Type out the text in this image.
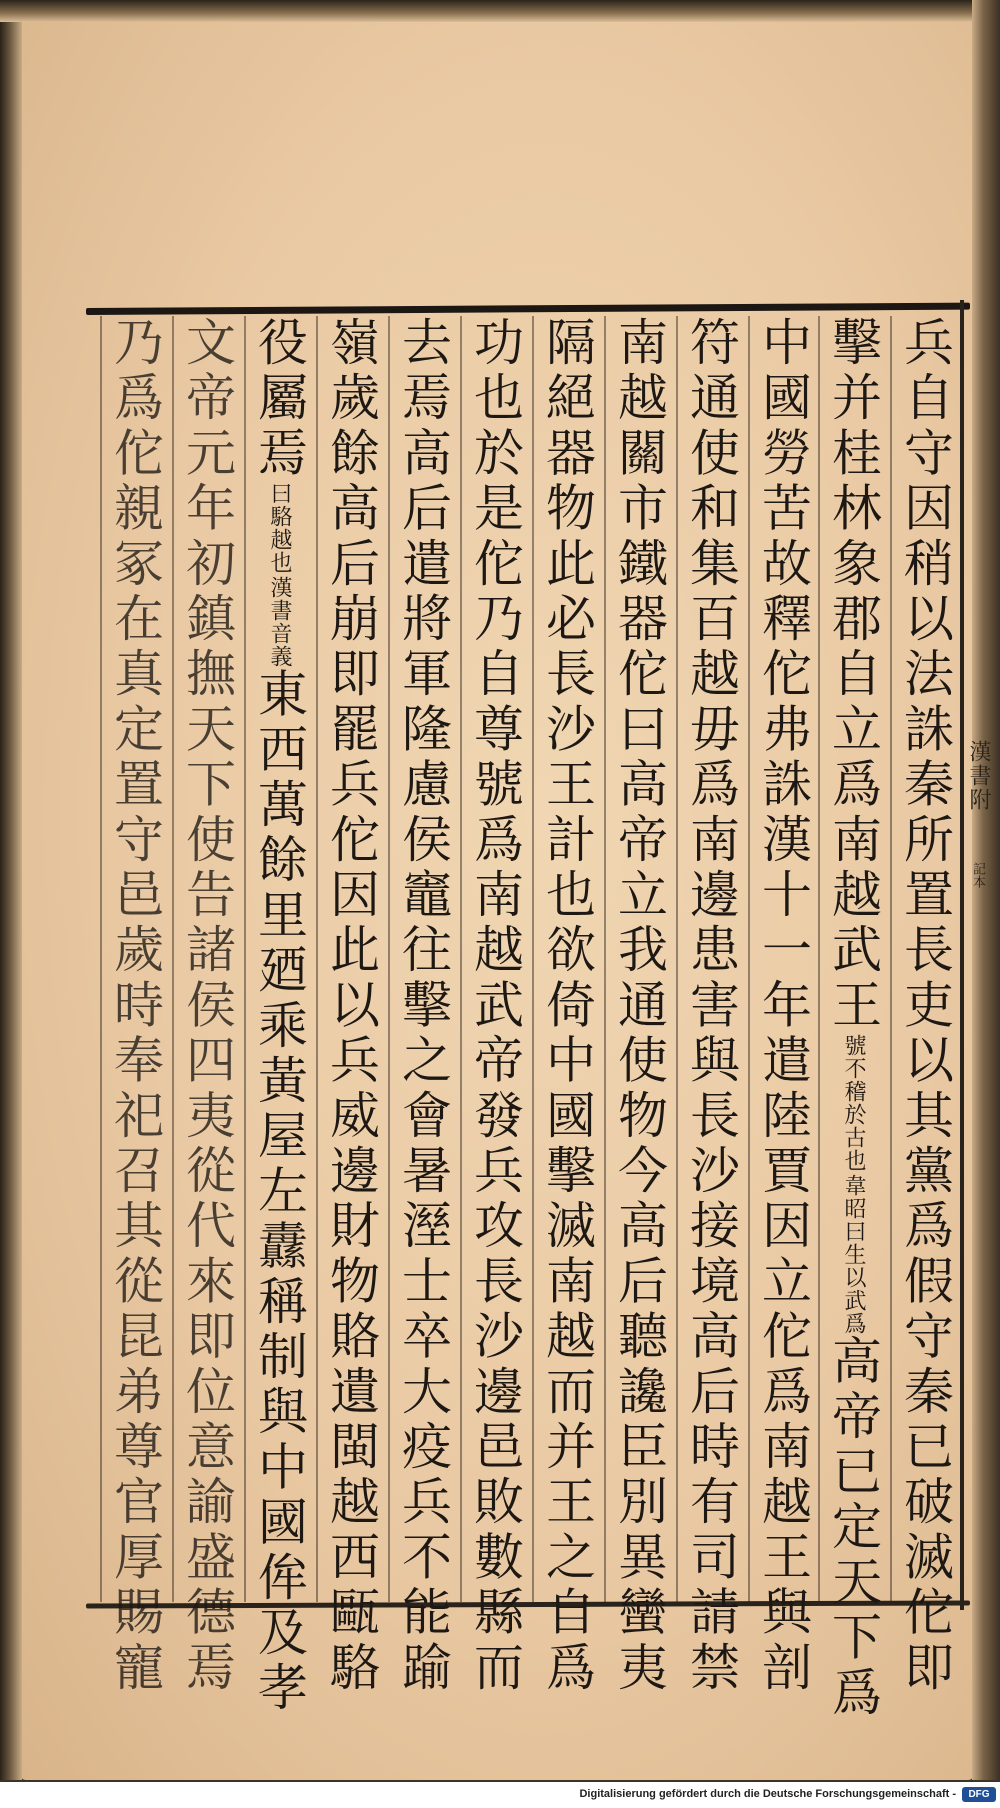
漢書附
記本
兵自守因稍以法誅秦所置長吏以其黨爲假守秦已破滅佗即
擊并桂林象郡自立爲南越武王
韋昭曰生以武爲
號不稽於古也
高帝已定天下爲
中國勞苦故釋佗弗誅漢十一年遣陸賈因立佗爲南越王與剖
符通使和集百越毋爲南邊患害與長沙接境高后時有司請禁
南越關市鐵器佗曰高帝立我通使物今高后聽讒臣別異蠻夷
隔絕器物此必長沙王計也欲倚中國擊滅南越而并王之自爲
功也於是佗乃自尊號爲南越武帝發兵攻長沙邊邑敗數縣而
去焉高后遣將軍隆慮侯竈往擊之會暑溼士卒大疫兵不能踰
嶺歲餘高后崩即罷兵佗因此以兵威邊財物賂遺閩越西甌駱
役屬焉
漢書音義
曰駱越也
東西萬餘里廼乘黃屋左纛稱制與中國侔及孝
文帝元年初鎮撫天下使告諸侯四夷從代來即位意諭盛德焉
乃爲佗親冢在真定置守邑歲時奉祀召其從昆弟尊官厚賜寵
Digitalisierung gefördert durch die Deutsche Forschungsgemeinschaft -	DFG
